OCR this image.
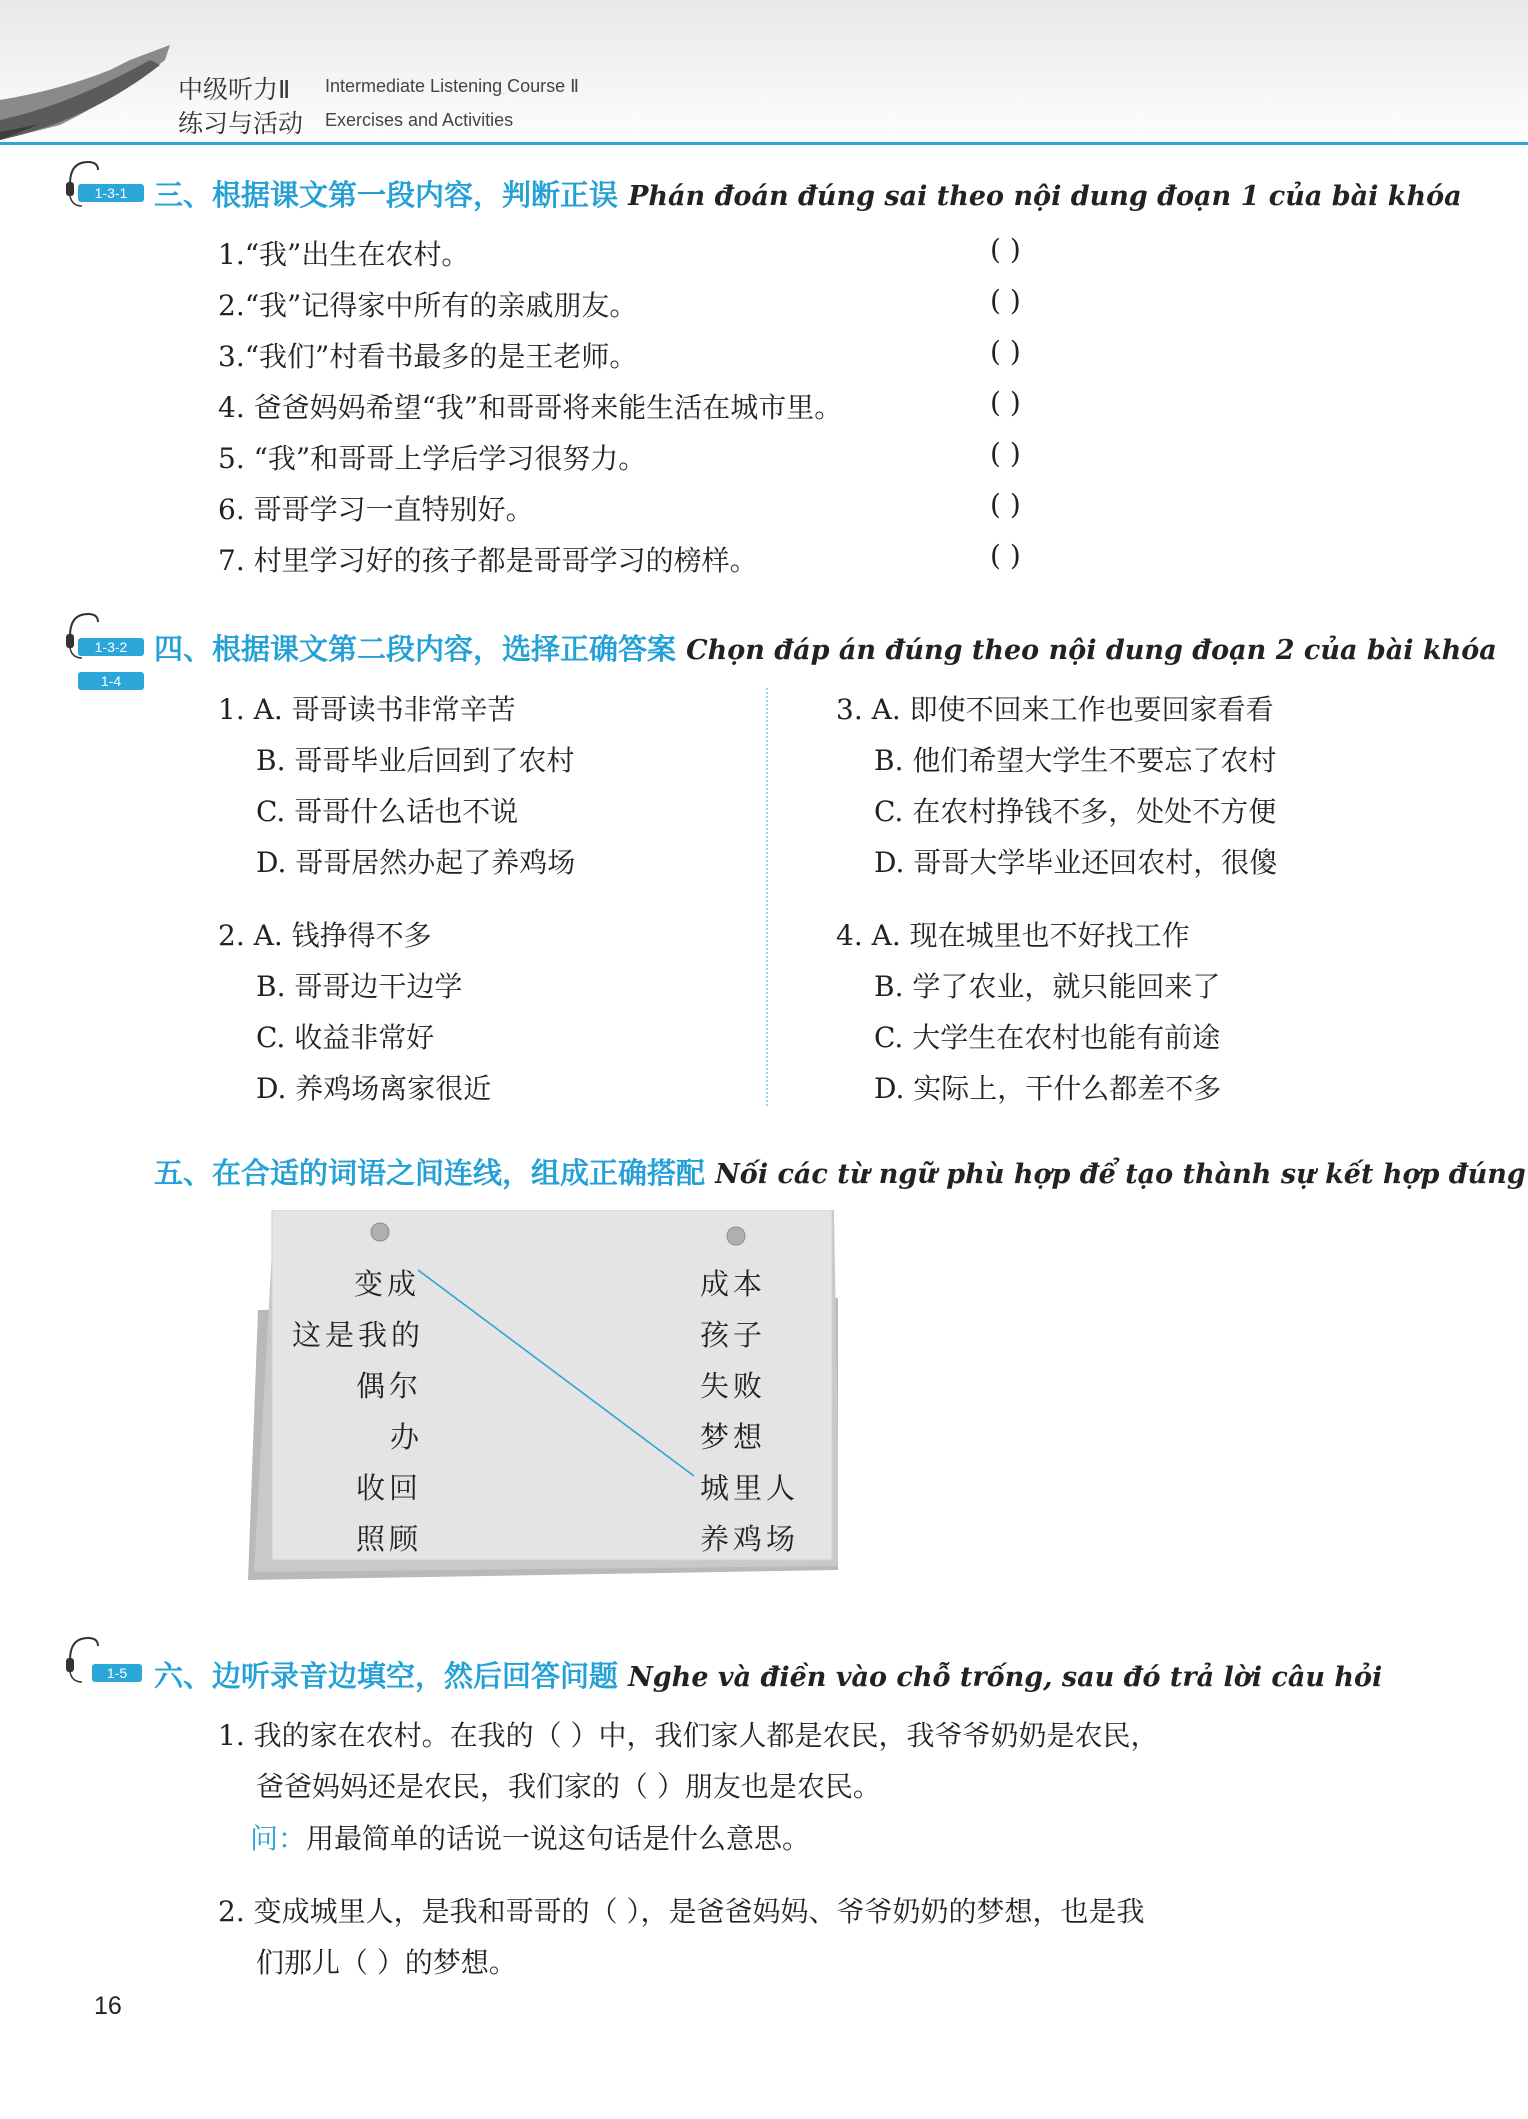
中级听力Ⅱ Intermediate Listening Course Ⅱ
练习与活动 Exercises and Activities
1-3-1 三、根据课文第一段内容，判断正误 Phán đoán đúng sai theo nội dung đoạn 1 của bài khóa
1.“我”出生在农村。
2.“我”记得家中所有的亲戚朋友。
3.“我们”村看书最多的是王老师。
4. 爸爸妈妈希望“我”和哥哥将来能生活在城市里。
5. “我”和哥哥上学后学习很努力。
6. 哥哥学习一直特别好。
7. 村里学习好的孩子都是哥哥学习的榜样。
( )
( )
( )
( )
( )
( )
( )
1-3-2
1-4
四、根据课文第二段内容，选择正确答案 Chọn đáp án đúng theo nội dung đoạn 2 của bài khóa
1. A. 哥哥读书非常辛苦
B. 哥哥毕业后回到了农村
C. 哥哥什么话也不说
D. 哥哥居然办起了养鸡场
2. A. 钱挣得不多
B. 哥哥边干边学
C. 收益非常好
D. 养鸡场离家很近
3. A. 即使不回来工作也要回家看看
B. 他们希望大学生不要忘了农村
C. 在农村挣钱不多，处处不方便
D. 哥哥大学毕业还回农村，很傻
4. A. 现在城里也不好找工作
B. 学了农业，就只能回来了
C. 大学生在农村也能有前途
D. 实际上，干什么都差不多
五、在合适的词语之间连线，组成正确搭配 Nối các từ ngữ phù hợp để tạo thành sự kết hợp đúng
变成
这是我的
偶尔
办
收回
照顾
成本
孩子
失败
梦想
城里人
养鸡场
1-5 六、边听录音边填空，然后回答问题 Nghe và điền vào chỗ trống, sau đó trả lời câu hỏi
1. 我的家在农村。在我的（ ）中，我们家人都是农民，我爷爷奶奶是农民，
爸爸妈妈还是农民，我们家的（ ）朋友也是农民。
问：用最简单的话说一说这句话是什么意思。
2. 变成城里人，是我和哥哥的（ ），是爸爸妈妈、爷爷奶奶的梦想，也是我
们那儿（ ）的梦想。
16
